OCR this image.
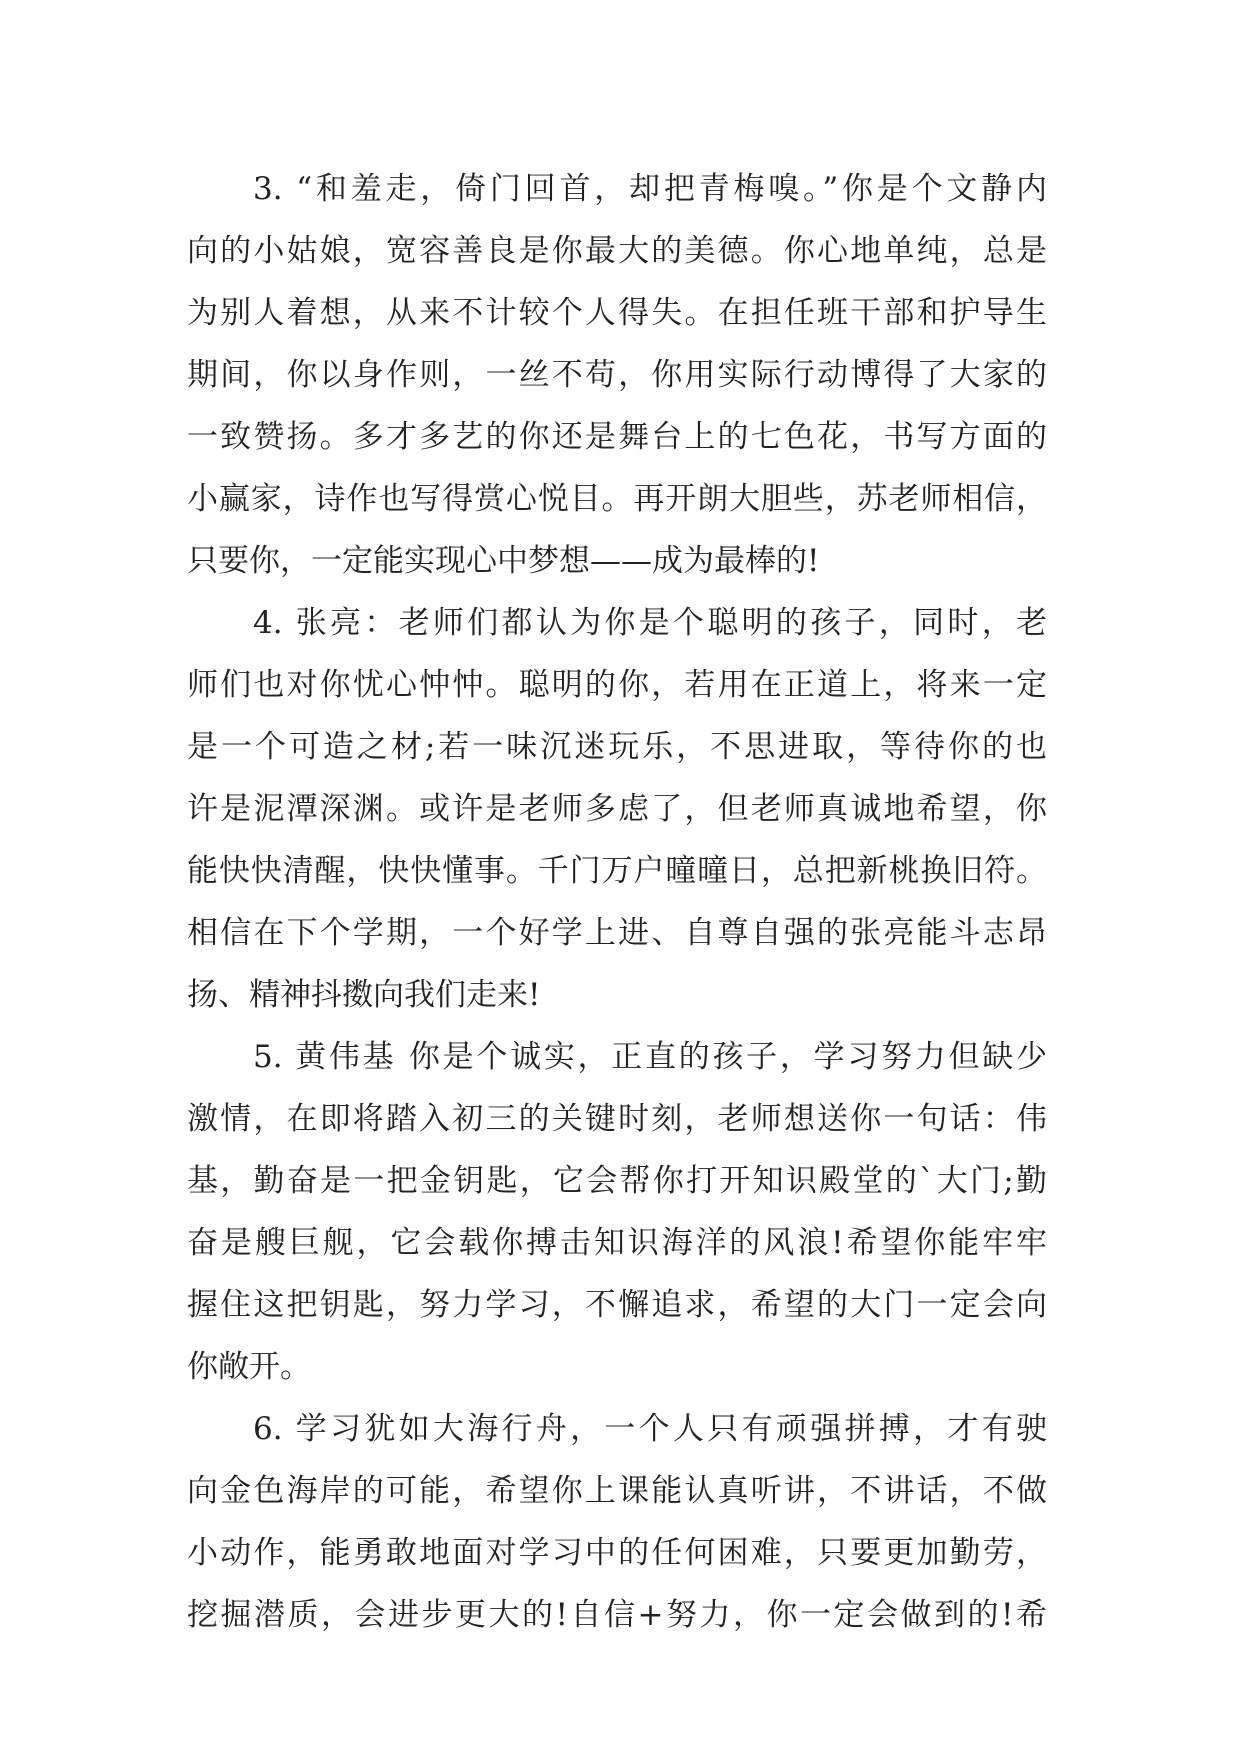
3. “和羞走，倚门回首，却把青梅嗅。”你是个文静内
向的小姑娘，宽容善良是你最大的美德。你心地单纯，总是
为别人着想，从来不计较个人得失。在担任班干部和护导生
期间，你以身作则，一丝不苟，你用实际行动博得了大家的
一致赞扬。多才多艺的你还是舞台上的七色花，书写方面的
小赢家，诗作也写得赏心悦目。再开朗大胆些，苏老师相信，
只要你，一定能实现心中梦想——成为最棒的!
4. 张亮：老师们都认为你是个聪明的孩子，同时，老
师们也对你忧心忡忡。聪明的你，若用在正道上，将来一定
是一个可造之材;若一味沉迷玩乐，不思进取，等待你的也
许是泥潭深渊。或许是老师多虑了，但老师真诚地希望，你
能快快清醒，快快懂事。千门万户曈曈日，总把新桃换旧符。
相信在下个学期，一个好学上进、自尊自强的张亮能斗志昂
扬、精神抖擞向我们走来!
5. 黄伟基 你是个诚实，正直的孩子，学习努力但缺少
激情，在即将踏入初三的关键时刻，老师想送你一句话：伟
基，勤奋是一把金钥匙，它会帮你打开知识殿堂的`大门;勤
奋是艘巨舰，它会载你搏击知识海洋的风浪!希望你能牢牢
握住这把钥匙，努力学习，不懈追求，希望的大门一定会向
你敞开。
6. 学习犹如大海行舟，一个人只有顽强拼搏，才有驶
向金色海岸的可能，希望你上课能认真听讲，不讲话，不做
小动作，能勇敢地面对学习中的任何困难，只要更加勤劳，
挖掘潜质，会进步更大的!自信+努力，你一定会做到的!希
